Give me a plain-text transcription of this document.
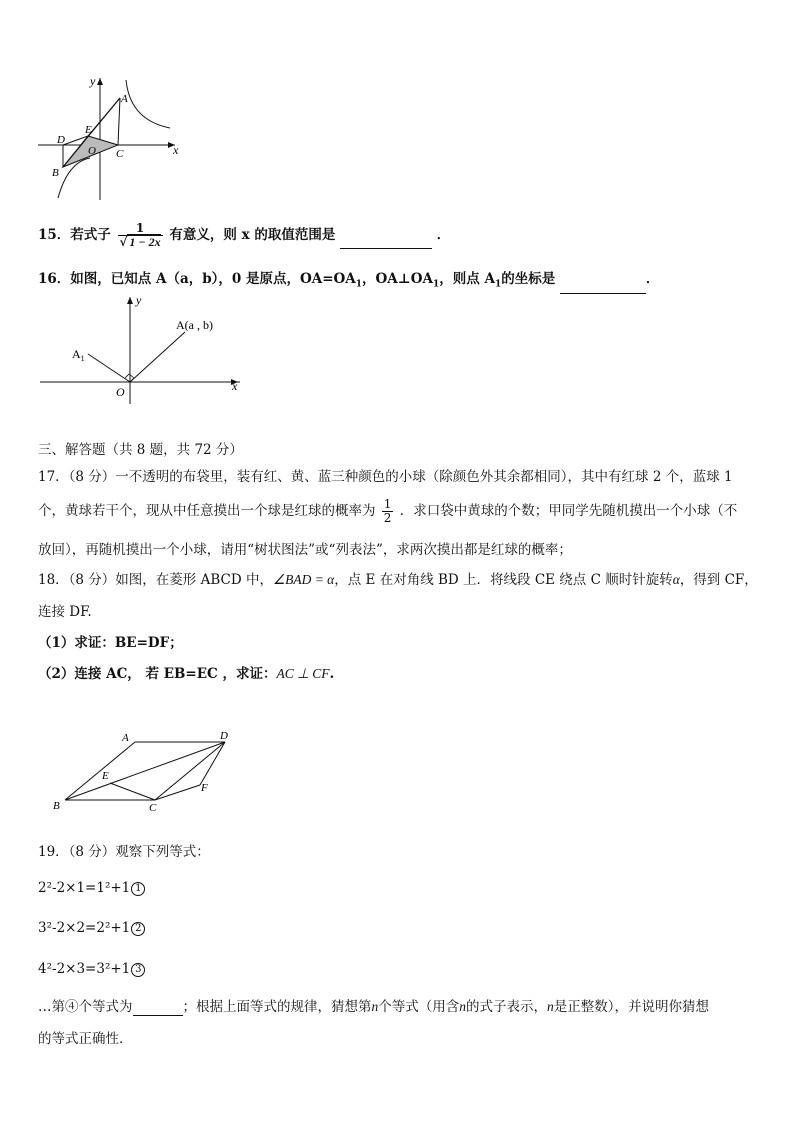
y
x
A
D
E
O C
B
15．若式子 $\frac{1}{√ 1 - 2x}$ 有意义，则 x 的取值范围是	．
16．如图，已知点 A（a，b），0 是原点，$OA=OA_1$，$OA\perp OA_1$，则点 $A_1$的坐标是	．
y
x
O
A(a , b)
$A_1$
三、解答题（共 8 题，共 72 分）
17．（8 分）一不透明的布袋里，装有红、黄、蓝三种颜色的小球（除颜色外其余都相同），其中有红球 2 个，蓝球 1
个，黄球若干个，现从中任意摸出一个球是红球的概率为 $\frac{1}{2}$ ．求口袋中黄球的个数；甲同学先随机摸出一个小球（不
放回），再随机摸出一个小球，请用“树状图法”或“列表法”，求两次摸出都是红球的概率；
18．（8 分）如图，在菱形 ABCD 中，∠BAD = α，点 E 在对角线 BD 上．将线段 CE 绕点 C 顺时针旋转α，得到 CF，
连接 DF.
（1）求证：BE=DF；
（2）连接 AC， 若 EB=EC ，求证：AC ⊥ CF.
A	D
E
F
B	C
19．（8 分）观察下列等式：
2²-2×1=1²+1 1
3²-2×2=2²+1 2
4²-2×3=3²+1 3
…第④个等式为	；根据上面等式的规律，猜想第n个等式（用含n的式子表示，n是正整数），并说明你猜想
的等式正确性．
